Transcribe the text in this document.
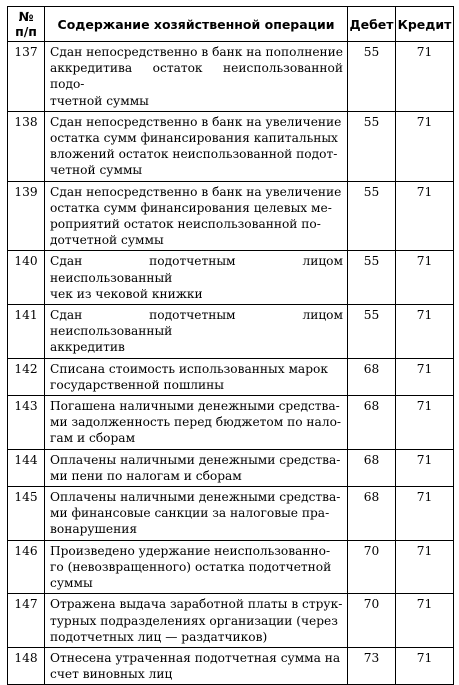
№
п/п	Содержание хозяйственной операции	Дебет	Кредит
137	Сдан непосредственно в банк на пополнение
аккредитива остаток неиспользованной подо-
тчетной суммы	55	71
138	Сдан непосредственно в банк на увеличение
остатка сумм финансирования капитальных
вложений остаток неиспользованной подот-
четной суммы	55	71
139	Сдан непосредственно в банк на увеличение
остатка сумм финансирования целевых ме-
роприятий остаток неиспользованной по-
дотчетной суммы	55	71
140	Сдан подотчетным лицом неиспользованный
чек из чековой книжки	55	71
141	Сдан подотчетным лицом неиспользованный
аккредитив	55	71
142	Списана стоимость использованных марок
государственной пошлины	68	71
143	Погашена наличными денежными средства-
ми задолженность перед бюджетом по нало-
гам и сборам	68	71
144	Оплачены наличными денежными средства-
ми пени по налогам и сборам	68	71
145	Оплачены наличными денежными средства-
ми финансовые санкции за налоговые пра-
вонарушения	68	71
146	Произведено удержание неиспользованно-
го (невозвращенного) остатка подотчетной
суммы	70	71
147	Отражена выдача заработной платы в струк-
турных подразделениях организации (через
подотчетных лиц — раздатчиков)	70	71
148	Отнесена утраченная подотчетная сумма на
счет виновных лиц	73	71
